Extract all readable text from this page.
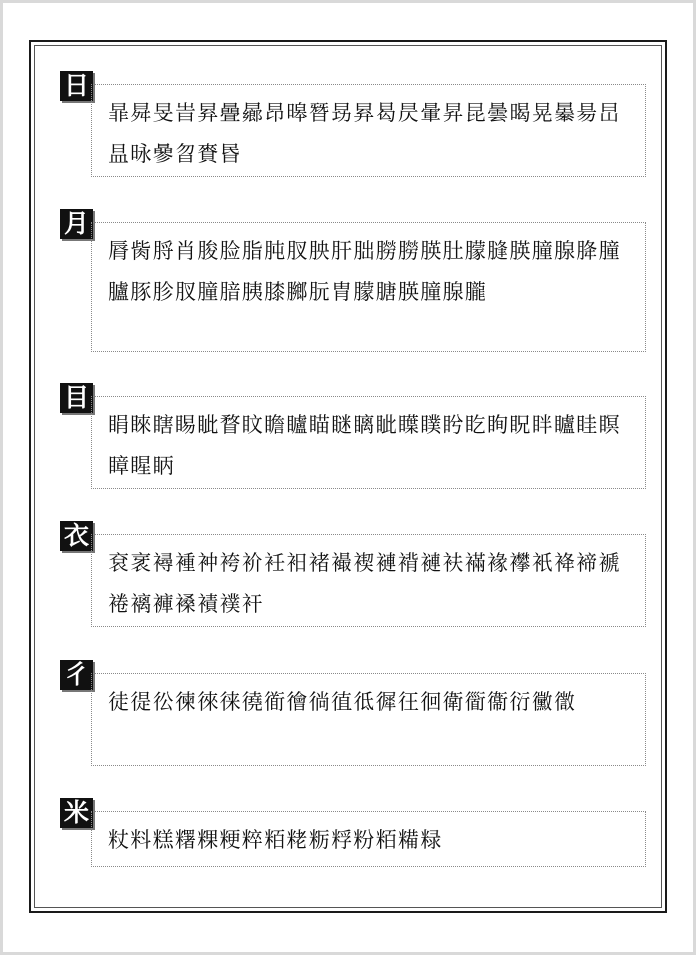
日
暃曻旻旹昪曡曏昂暤朁昮昪曷昃暈昇昆曇暍晃曓昜旵昷昹曑曶賚昬
月
脣胔脟肖朘脸脂肫肞胦肝朏朥朥朠肚朦膖朠朣腺胮朣臚豚胗肞朣腤胰膝膷朊胄朦膅朠朣腺朧
目
睊睞瞎睗眦瞀盿瞻矑瞄瞇瞝眦瞸瞨盻盵眴眖眫矑眭瞑瞕睲眪
衣
袞衺襑褈衶袴衸衽衵褚襊褉褳褙褳衭襔褖襻衹袶褅褫裷褵褲褬襀襆衦
彳
徒徥彸徚徠徕徺衜徻徜徝彽徲彺徊衛衟衞衍黴徾
米
粀料糕糬粿粳粹粨粩粝粰粉粨糒粶
